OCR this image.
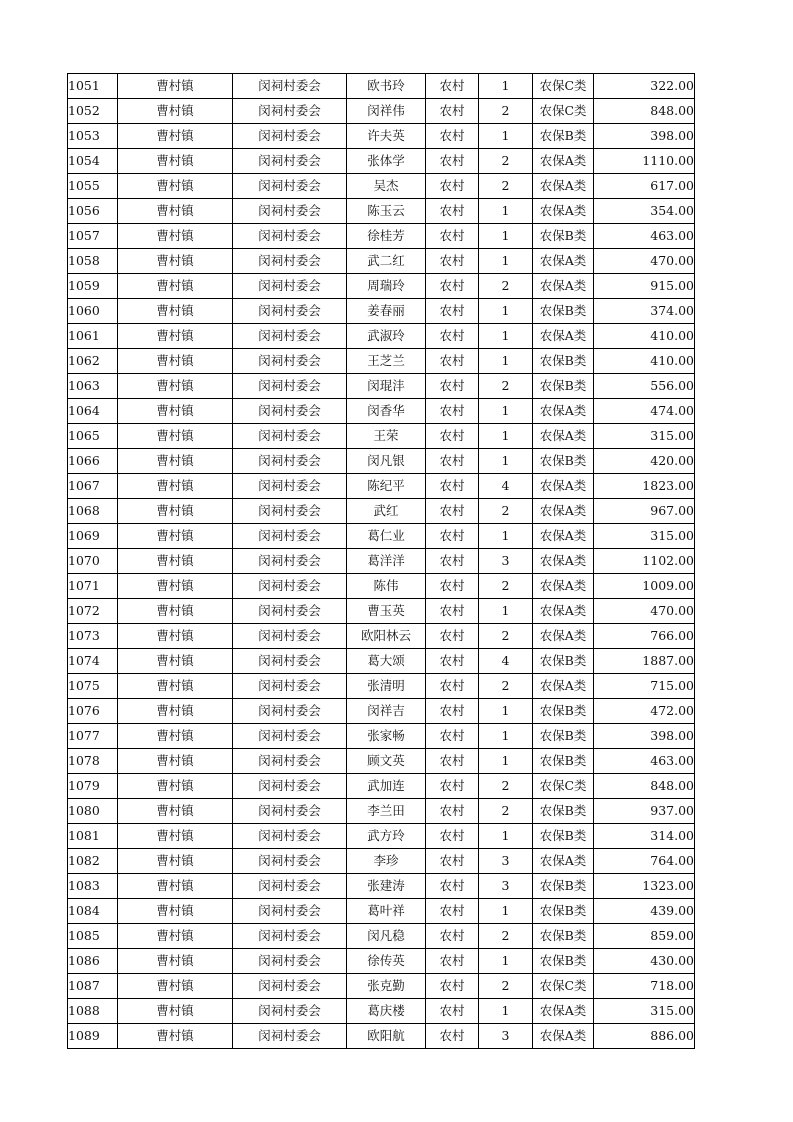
1051	曹村镇	闵祠村委会	欧书玲	农村	1	农保C类	322.00
1052	曹村镇	闵祠村委会	闵祥伟	农村	2	农保C类	848.00
1053	曹村镇	闵祠村委会	许夫英	农村	1	农保B类	398.00
1054	曹村镇	闵祠村委会	张体学	农村	2	农保A类	1110.00
1055	曹村镇	闵祠村委会	吴杰	农村	2	农保A类	617.00
1056	曹村镇	闵祠村委会	陈玉云	农村	1	农保A类	354.00
1057	曹村镇	闵祠村委会	徐桂芳	农村	1	农保B类	463.00
1058	曹村镇	闵祠村委会	武二红	农村	1	农保A类	470.00
1059	曹村镇	闵祠村委会	周瑞玲	农村	2	农保A类	915.00
1060	曹村镇	闵祠村委会	姜春丽	农村	1	农保B类	374.00
1061	曹村镇	闵祠村委会	武淑玲	农村	1	农保A类	410.00
1062	曹村镇	闵祠村委会	王芝兰	农村	1	农保B类	410.00
1063	曹村镇	闵祠村委会	闵琨沣	农村	2	农保B类	556.00
1064	曹村镇	闵祠村委会	闵香华	农村	1	农保A类	474.00
1065	曹村镇	闵祠村委会	王荣	农村	1	农保A类	315.00
1066	曹村镇	闵祠村委会	闵凡银	农村	1	农保B类	420.00
1067	曹村镇	闵祠村委会	陈纪平	农村	4	农保A类	1823.00
1068	曹村镇	闵祠村委会	武红	农村	2	农保A类	967.00
1069	曹村镇	闵祠村委会	葛仁业	农村	1	农保A类	315.00
1070	曹村镇	闵祠村委会	葛洋洋	农村	3	农保A类	1102.00
1071	曹村镇	闵祠村委会	陈伟	农村	2	农保A类	1009.00
1072	曹村镇	闵祠村委会	曹玉英	农村	1	农保A类	470.00
1073	曹村镇	闵祠村委会	欧阳林云	农村	2	农保A类	766.00
1074	曹村镇	闵祠村委会	葛大颂	农村	4	农保B类	1887.00
1075	曹村镇	闵祠村委会	张清明	农村	2	农保A类	715.00
1076	曹村镇	闵祠村委会	闵祥吉	农村	1	农保B类	472.00
1077	曹村镇	闵祠村委会	张家畅	农村	1	农保B类	398.00
1078	曹村镇	闵祠村委会	顾文英	农村	1	农保B类	463.00
1079	曹村镇	闵祠村委会	武加连	农村	2	农保C类	848.00
1080	曹村镇	闵祠村委会	李兰田	农村	2	农保B类	937.00
1081	曹村镇	闵祠村委会	武方玲	农村	1	农保B类	314.00
1082	曹村镇	闵祠村委会	李珍	农村	3	农保A类	764.00
1083	曹村镇	闵祠村委会	张建涛	农村	3	农保B类	1323.00
1084	曹村镇	闵祠村委会	葛叶祥	农村	1	农保B类	439.00
1085	曹村镇	闵祠村委会	闵凡稳	农村	2	农保B类	859.00
1086	曹村镇	闵祠村委会	徐传英	农村	1	农保B类	430.00
1087	曹村镇	闵祠村委会	张克勤	农村	2	农保C类	718.00
1088	曹村镇	闵祠村委会	葛庆楼	农村	1	农保A类	315.00
1089	曹村镇	闵祠村委会	欧阳航	农村	3	农保A类	886.00
